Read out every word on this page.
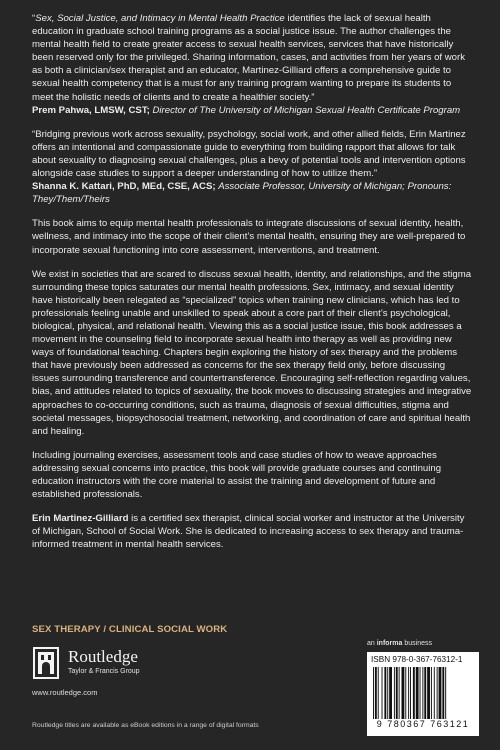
“Sex, Social Justice, and Intimacy in Mental Health Practice identifies the lack of sexual health education in graduate school training programs as a social justice issue. The author challenges the mental health field to create greater access to sexual health services, services that have historically been reserved only for the privileged. Sharing information, cases, and activities from her years of work as both a clinician/sex therapist and an educator, Martinez-Gilliard offers a comprehensive guide to sexual health competency that is a must for any training program wanting to prepare its students to meet the holistic needs of clients and to create a healthier society.”
Prem Pahwa, LMSW, CST; Director of The University of Michigan Sexual Health Certificate Program

“Bridging previous work across sexuality, psychology, social work, and other allied fields, Erin Martinez offers an intentional and compassionate guide to everything from building rapport that allows for talk about sexuality to diagnosing sexual challenges, plus a bevy of potential tools and intervention options alongside case studies to support a deeper understanding of how to utilize them.”
Shanna K. Kattari, PhD, MEd, CSE, ACS; Associate Professor, University of Michigan; Pronouns: They/Them/Theirs

This book aims to equip mental health professionals to integrate discussions of sexual identity, health, wellness, and intimacy into the scope of their client’s mental health, ensuring they are well-prepared to incorporate sexual functioning into core assessment, interventions, and treatment.

We exist in societies that are scared to discuss sexual health, identity, and relationships, and the stigma surrounding these topics saturates our mental health professions. Sex, intimacy, and sexual identity have historically been relegated as “specialized” topics when training new clinicians, which has led to professionals feeling unable and unskilled to speak about a core part of their client’s psychological, biological, physical, and relational health. Viewing this as a social justice issue, this book addresses a movement in the counseling field to incorporate sexual health into therapy as well as providing new ways of foundational teaching. Chapters begin exploring the history of sex therapy and the problems that have previously been addressed as concerns for the sex therapy field only, before discussing issues surrounding transference and countertransference. Encouraging self-reflection regarding values, bias, and attitudes related to topics of sexuality, the book moves to discussing strategies and integrative approaches to co-occurring conditions, such as trauma, diagnosis of sexual difficulties, stigma and societal messages, biopsychosocial treatment, networking, and coordination of care and spiritual health and healing.

Including journaling exercises, assessment tools and case studies of how to weave approaches addressing sexual concerns into practice, this book will provide graduate courses and continuing education instructors with the core material to assist the training and development of future and established professionals.

Erin Martinez-Gilliard is a certified sex therapist, clinical social worker and instructor at the University of Michigan, School of Social Work. She is dedicated to increasing access to sex therapy and trauma-informed treatment in mental health services.

SEX THERAPY / CLINICAL SOCIAL WORK
Routledge
Taylor & Francis Group
www.routledge.com
Routledge titles are available as eBook editions in a range of digital formats
an informa business
ISBN 978-0-367-76312-1
9 780367 763121
